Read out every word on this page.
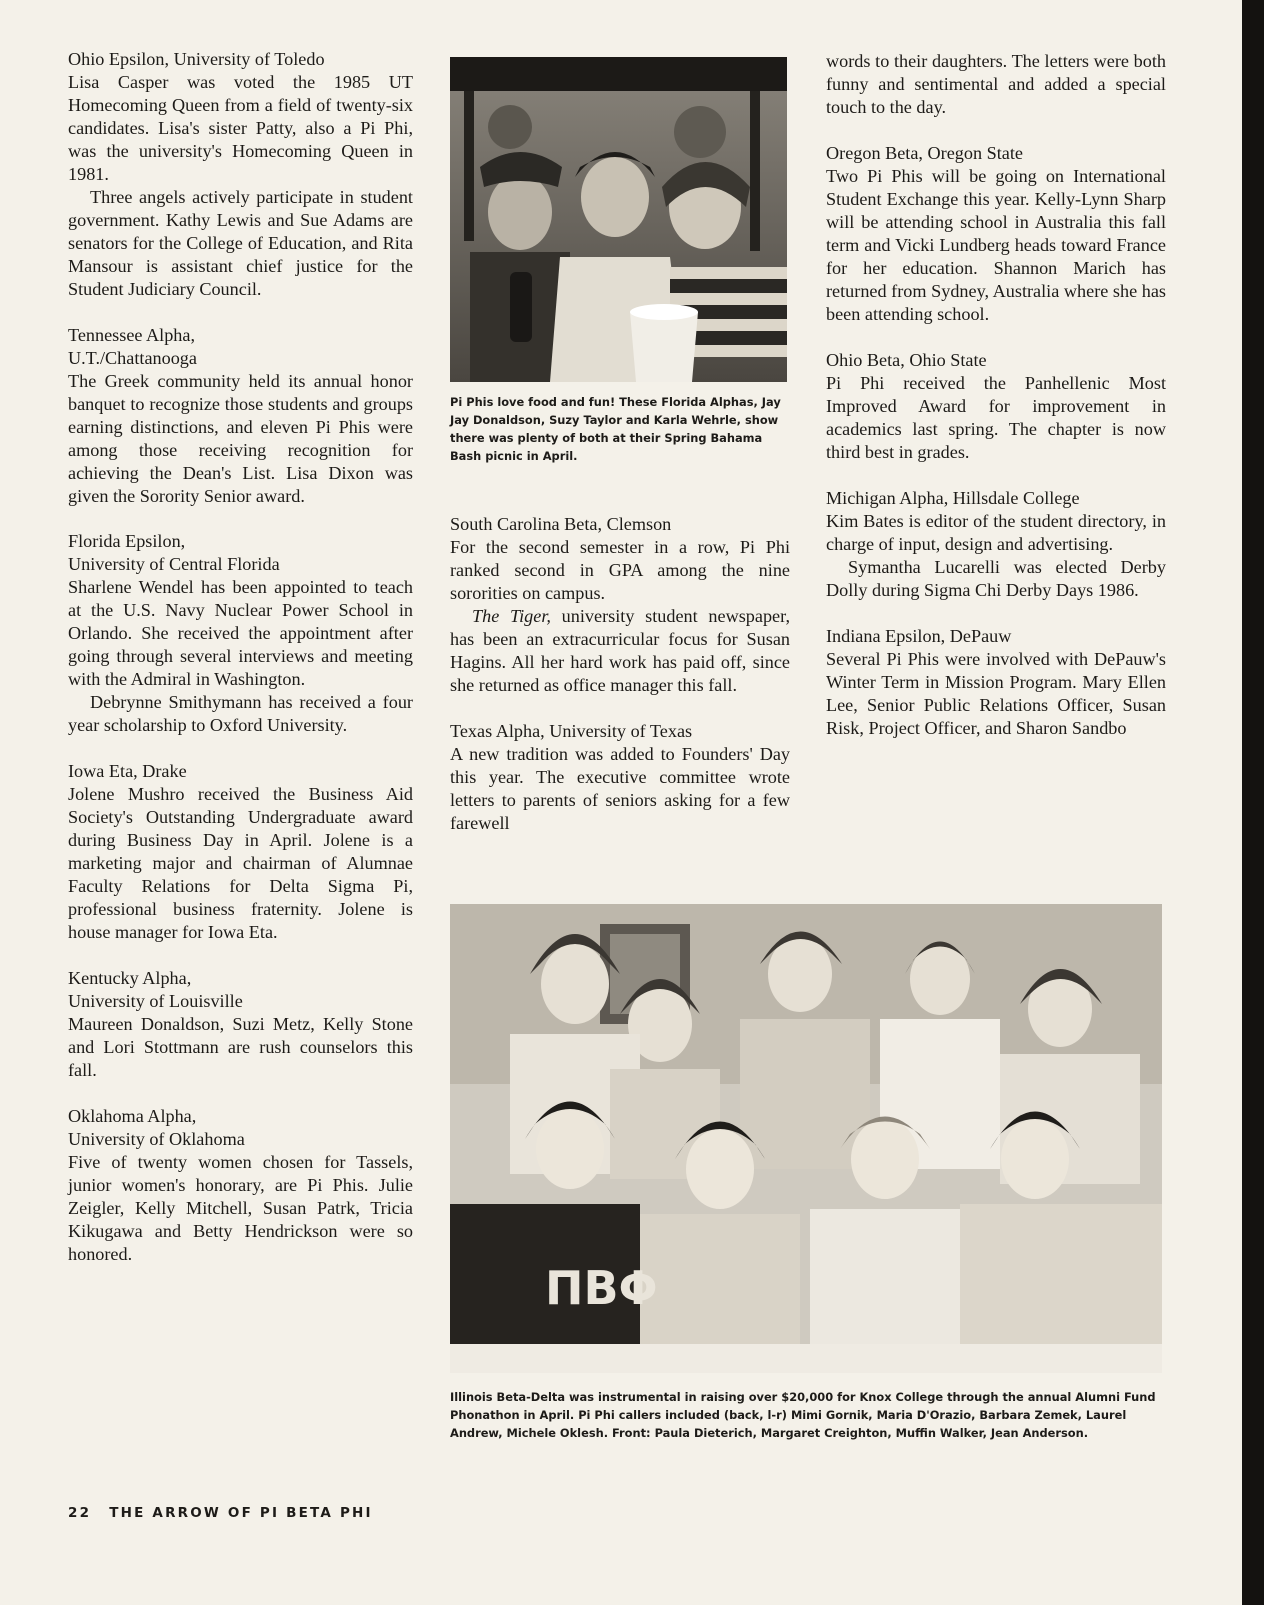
Ohio Epsilon, University of Toledo
Lisa Casper was voted the 1985 UT Homecoming Queen from a field of twenty-six candidates. Lisa's sister Patty, also a Pi Phi, was the university's Homecoming Queen in 1981.
Three angels actively participate in student government. Kathy Lewis and Sue Adams are senators for the College of Education, and Rita Mansour is assistant chief justice for the Student Judiciary Council.
Tennessee Alpha,
U.T./Chattanooga
The Greek community held its annual honor banquet to recognize those students and groups earning distinctions, and eleven Pi Phis were among those receiving recognition for achieving the Dean's List. Lisa Dixon was given the Sorority Senior award.
Florida Epsilon,
University of Central Florida
Sharlene Wendel has been appointed to teach at the U.S. Navy Nuclear Power School in Orlando. She received the appointment after going through several interviews and meeting with the Admiral in Washington.
Debrynne Smithymann has received a four year scholarship to Oxford University.
Iowa Eta, Drake
Jolene Mushro received the Business Aid Society's Outstanding Undergraduate award during Business Day in April. Jolene is a marketing major and chairman of Alumnae Faculty Relations for Delta Sigma Pi, professional business fraternity. Jolene is house manager for Iowa Eta.
Kentucky Alpha,
University of Louisville
Maureen Donaldson, Suzi Metz, Kelly Stone and Lori Stottmann are rush counselors this fall.
Oklahoma Alpha,
University of Oklahoma
Five of twenty women chosen for Tassels, junior women's honorary, are Pi Phis. Julie Zeigler, Kelly Mitchell, Susan Patrk, Tricia Kikugawa and Betty Hendrickson were so honored.
Pi Phis love food and fun! These Florida Alphas, Jay Jay Donaldson, Suzy Taylor and Karla Wehrle, show there was plenty of both at their Spring Bahama Bash picnic in April.
South Carolina Beta, Clemson
For the second semester in a row, Pi Phi ranked second in GPA among the nine sororities on campus.
The Tiger, university student newspaper, has been an extracurricular focus for Susan Hagins. All her hard work has paid off, since she returned as office manager this fall.
Texas Alpha, University of Texas
A new tradition was added to Founders' Day this year. The executive committee wrote letters to parents of seniors asking for a few farewell
words to their daughters. The letters were both funny and sentimental and added a special touch to the day.
Oregon Beta, Oregon State
Two Pi Phis will be going on International Student Exchange this year. Kelly-Lynn Sharp will be attending school in Australia this fall term and Vicki Lundberg heads toward France for her education. Shannon Marich has returned from Sydney, Australia where she has been attending school.
Ohio Beta, Ohio State
Pi Phi received the Panhellenic Most Improved Award for improvement in academics last spring. The chapter is now third best in grades.
Michigan Alpha, Hillsdale College
Kim Bates is editor of the student directory, in charge of input, design and advertising.
Symantha Lucarelli was elected Derby Dolly during Sigma Chi Derby Days 1986.
Indiana Epsilon, DePauw
Several Pi Phis were involved with DePauw's Winter Term in Mission Program. Mary Ellen Lee, Senior Public Relations Officer, Susan Risk, Project Officer, and Sharon Sandbo
ΠΒΦ
Illinois Beta-Delta was instrumental in raising over $20,000 for Knox College through the annual Alumni Fund Phonathon in April. Pi Phi callers included (back, l-r) Mimi Gornik, Maria D'Orazio, Barbara Zemek, Laurel Andrew, Michele Oklesh. Front: Paula Dieterich, Margaret Creighton, Muffin Walker, Jean Anderson.
22 THE ARROW OF PI BETA PHI
